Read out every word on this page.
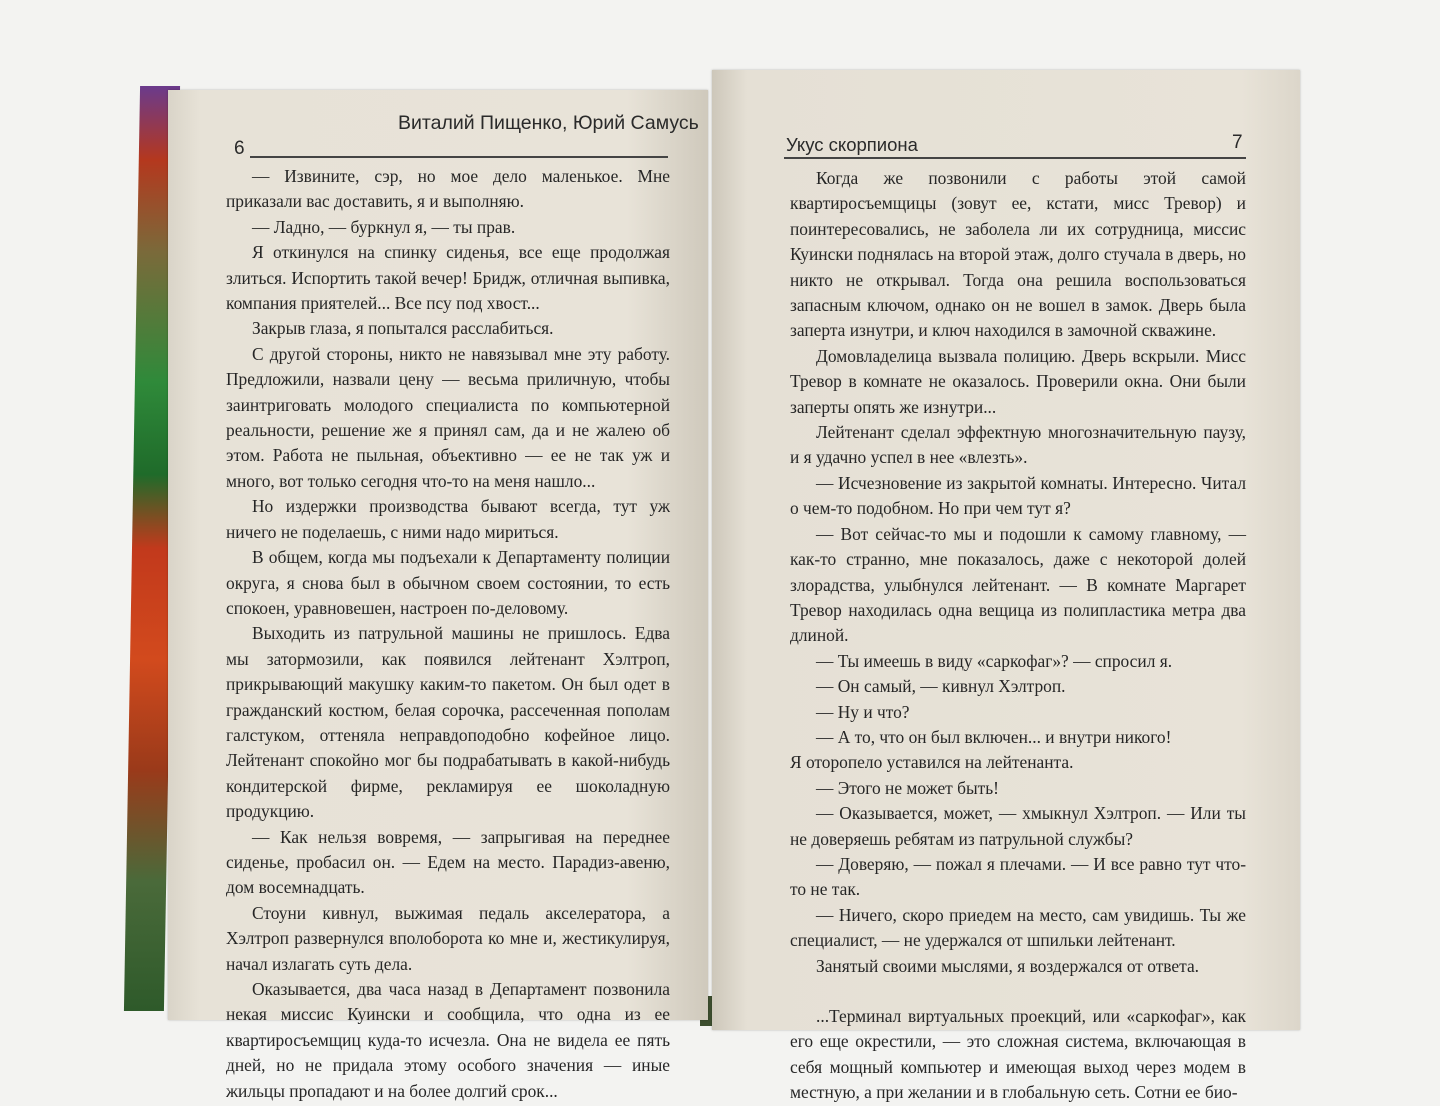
Виталий Пищенко, Юрий Самусь
6

— Извините, сэр, но мое дело маленькое. Мне приказали вас доставить, я и выполняю.

— Ладно, — буркнул я, — ты прав.

Я откинулся на спинку сиденья, все еще продолжая злиться. Испортить такой вечер! Бридж, отличная выпивка, компания приятелей... Все псу под хвост...

Закрыв глаза, я попытался расслабиться.

С другой стороны, никто не навязывал мне эту работу. Предложили, назвали цену — весьма приличную, чтобы заинтриговать молодого специалиста по компьютерной реальности, решение же я принял сам, да и не жалею об этом. Работа не пыльная, объективно — ее не так уж и много, вот только сегодня что-то на меня нашло...

Но издержки производства бывают всегда, тут уж ничего не поделаешь, с ними надо мириться.

В общем, когда мы подъехали к Департаменту полиции округа, я снова был в обычном своем состоянии, то есть спокоен, уравновешен, настроен по-деловому.

Выходить из патрульной машины не пришлось. Едва мы затормозили, как появился лейтенант Хэлтроп, прикрывающий макушку каким-то пакетом. Он был одет в гражданский костюм, белая сорочка, рассеченная пополам галстуком, оттеняла неправдоподобно кофейное лицо. Лейтенант спокойно мог бы подрабатывать в какой-нибудь кондитерской фирме, рекламируя ее шоколадную продукцию.

— Как нельзя вовремя, — запрыгивая на переднее сиденье, пробасил он. — Едем на место. Парадиз-авеню, дом восемнадцать.

Стоуни кивнул, выжимая педаль акселератора, а Хэлтроп развернулся вполоборота ко мне и, жестикулируя, начал излагать суть дела.

Оказывается, два часа назад в Департамент позвонила некая миссис Куински и сообщила, что одна из ее квартиросъемщиц куда-то исчезла. Она не видела ее пять дней, но не придала этому особого значения — иные жильцы пропадают и на более долгий срок...

Укус скорпиона	7

Когда же позвонили с работы этой самой квартиросъемщицы (зовут ее, кстати, мисс Тревор) и поинтересовались, не заболела ли их сотрудница, миссис Куински поднялась на второй этаж, долго стучала в дверь, но никто не открывал. Тогда она решила воспользоваться запасным ключом, однако он не вошел в замок. Дверь была заперта изнутри, и ключ находился в замочной скважине.

Домовладелица вызвала полицию. Дверь вскрыли. Мисс Тревор в комнате не оказалось. Проверили окна. Они были заперты опять же изнутри...

Лейтенант сделал эффектную многозначительную паузу, и я удачно успел в нее «влезть».

— Исчезновение из закрытой комнаты. Интересно. Читал о чем-то подобном. Но при чем тут я?

— Вот сейчас-то мы и подошли к самому главному, — как-то странно, мне показалось, даже с некоторой долей злорадства, улыбнулся лейтенант. — В комнате Маргарет Тревор находилась одна вещица из полипластика метра два длиной.

— Ты имеешь в виду «саркофаг»? — спросил я.

— Он самый, — кивнул Хэлтроп.

— Ну и что?

— А то, что он был включен... и внутри никого!

Я оторопело уставился на лейтенанта.

— Этого не может быть!

— Оказывается, может, — хмыкнул Хэлтроп. — Или ты не доверяешь ребятам из патрульной службы?

— Доверяю, — пожал я плечами. — И все равно тут что-то не так.

— Ничего, скоро приедем на место, сам увидишь. Ты же специалист, — не удержался от шпильки лейтенант.

Занятый своими мыслями, я воздержался от ответа.

...Терминал виртуальных проекций, или «саркофаг», как его еще окрестили, — это сложная система, включающая в себя мощный компьютер и имеющая выход через модем в местную, а при желании и в глобальную сеть. Сотни ее био-
